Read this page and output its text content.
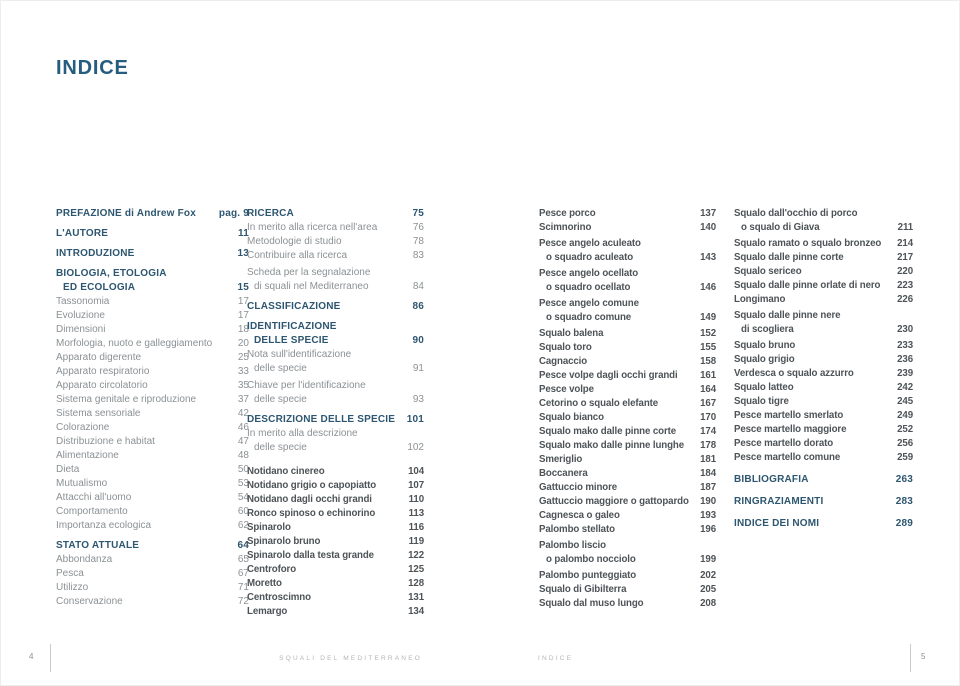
INDICE
PREFAZIONE di Andrew Fox pag. 9
L'AUTORE	11
INTRODUZIONE	13
BIOLOGIA, ETOLOGIA
ED ECOLOGIA	15
Tassonomia	17
Evoluzione	17
Dimensioni	18
Morfologia, nuoto e galleggiamento	20
Apparato digerente	25
Apparato respiratorio	33
Apparato circolatorio	35
Sistema genitale e riproduzione	37
Sistema sensoriale	42
Colorazione	46
Distribuzione e habitat	47
Alimentazione	48
Dieta	50
Mutualismo	53
Attacchi all'uomo	54
Comportamento	60
Importanza ecologica	62
STATO ATTUALE	64
Abbondanza	65
Pesca	67
Utilizzo	71
Conservazione	72
RICERCA	75
In merito alla ricerca nell'area	76
Metodologie di studio	78
Contribuire alla ricerca	83
Scheda per la segnalazione
di squali nel Mediterraneo	84
CLASSIFICAZIONE	86
IDENTIFICAZIONE
DELLE SPECIE	90
Nota sull'identificazione
delle specie	91
Chiave per l'identificazione
delle specie	93
DESCRIZIONE DELLE SPECIE 101
In merito alla descrizione
delle specie	102
Notidano cinereo	104
Notidano grigio o capopiatto	107
Notidano dagli occhi grandi	110
Ronco spinoso o echinorino	113
Spinarolo	116
Spinarolo bruno	119
Spinarolo dalla testa grande	122
Centroforo	125
Moretto	128
Centroscimno	131
Lemargo	134
Pesce porco	137
Scimnorino	140
Pesce angelo aculeato
o squadro aculeato	143
Pesce angelo ocellato
o squadro ocellato	146
Pesce angelo comune
o squadro comune	149
Squalo balena	152
Squalo toro	155
Cagnaccio	158
Pesce volpe dagli occhi grandi 161
Pesce volpe	164
Cetorino o squalo elefante	167
Squalo bianco	170
Squalo mako dalle pinne corte 174
Squalo mako dalle pinne lunghe 178
Smeriglio	181
Boccanera	184
Gattuccio minore	187
Gattuccio maggiore o gattopardo 190
Cagnesca o galeo	193
Palombo stellato	196
Palombo liscio
o palombo nocciolo	199
Palombo punteggiato	202
Squalo di Gibilterra	205
Squalo dal muso lungo	208
Squalo dall'occhio di porco
o squalo di Giava	211
Squalo ramato o squalo bronzeo 214
Squalo dalle pinne corte	217
Squalo sericeo	220
Squalo dalle pinne orlate di nero 223
Longimano	226
Squalo dalle pinne nere
di scogliera	230
Squalo bruno	233
Squalo grigio	236
Verdesca o squalo azzurro	239
Squalo latteo	242
Squalo tigre	245
Pesce martello smerlato	249
Pesce martello maggiore	252
Pesce martello dorato	256
Pesce martello comune	259
BIBLIOGRAFIA	263
RINGRAZIAMENTI	283
INDICE DEI NOMI	289
4	SQUALI DEL MEDITERRANEO	INDICE	5
